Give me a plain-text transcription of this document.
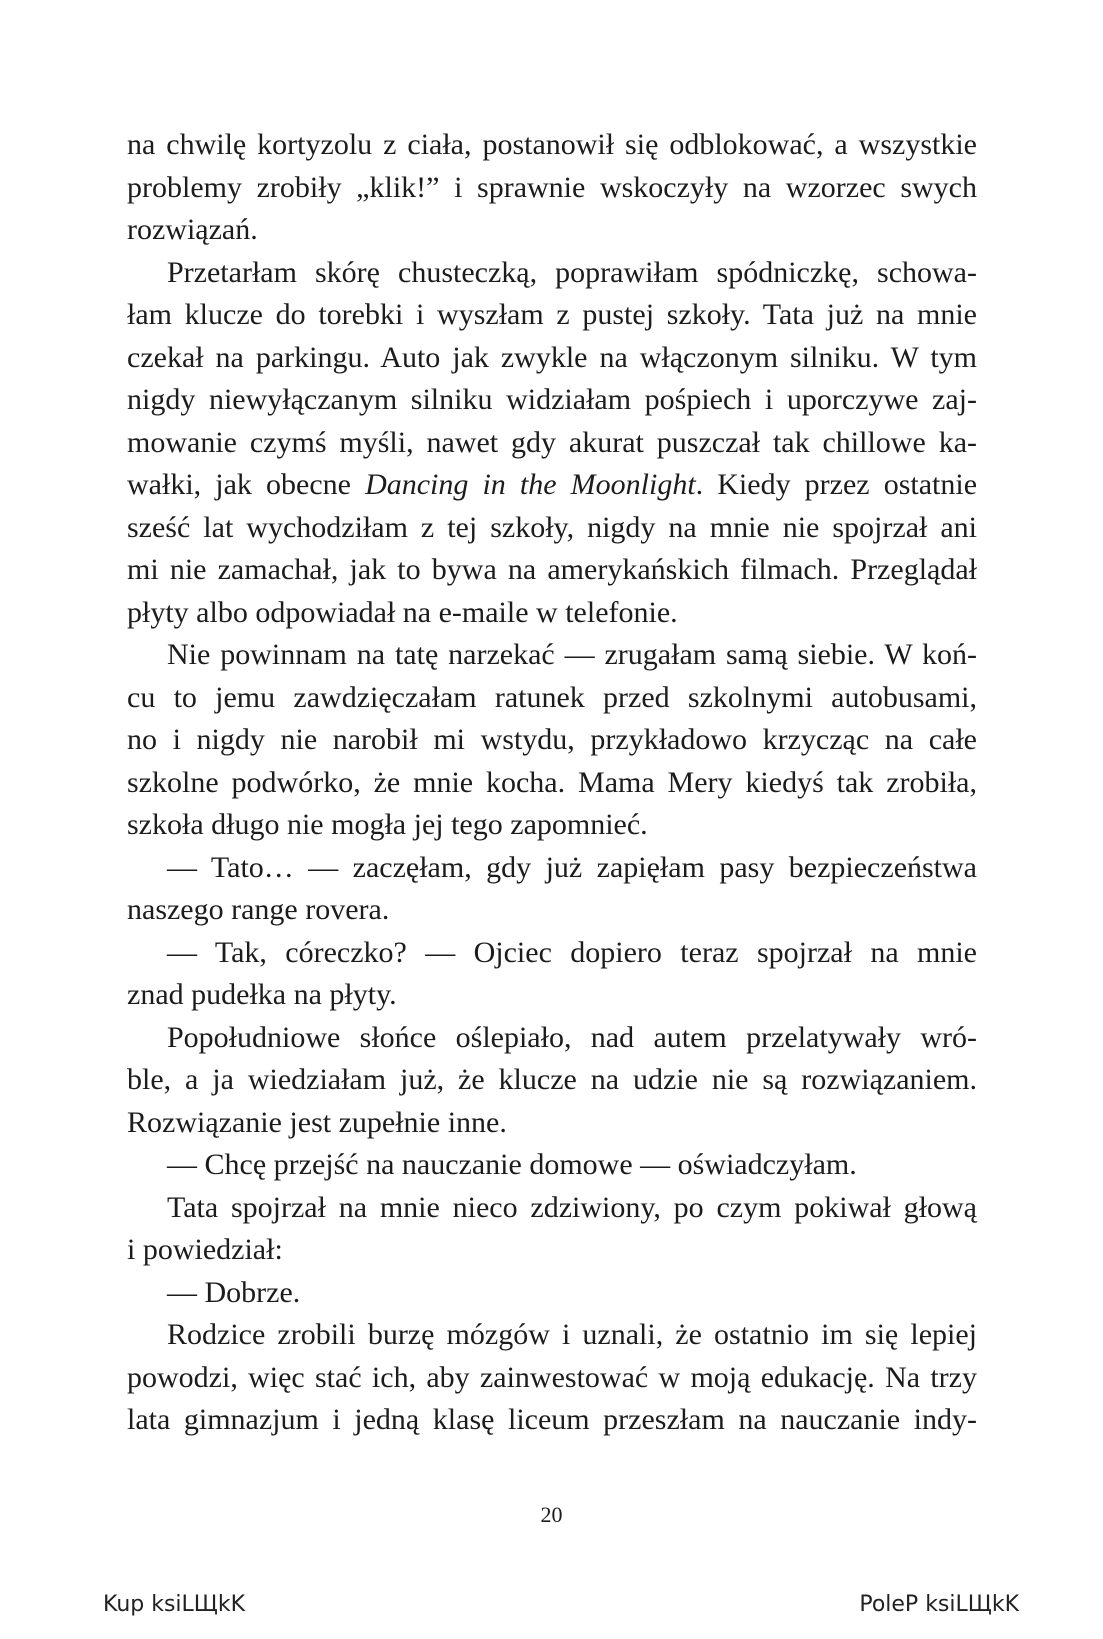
na chwilę kortyzolu z ciała, postanowił się odblokować, a wszystkie
problemy zrobiły „klik!” i sprawnie wskoczyły na wzorzec swych
rozwiązań.
Przetarłam skórę chusteczką, poprawiłam spódniczkę, schowa-
łam klucze do torebki i wyszłam z pustej szkoły. Tata już na mnie
czekał na parkingu. Auto jak zwykle na włączonym silniku. W tym
nigdy niewyłączanym silniku widziałam pośpiech i uporczywe zaj-
mowanie czymś myśli, nawet gdy akurat puszczał tak chillowe ka-
wałki, jak obecne Dancing in the Moonlight. Kiedy przez ostatnie
sześć lat wychodziłam z tej szkoły, nigdy na mnie nie spojrzał ani
mi nie zamachał, jak to bywa na amerykańskich filmach. Przeglądał
płyty albo odpowiadał na e-maile w telefonie.
Nie powinnam na tatę narzekać — zrugałam samą siebie. W koń-
cu to jemu zawdzięczałam ratunek przed szkolnymi autobusami,
no i nigdy nie narobił mi wstydu, przykładowo krzycząc na całe
szkolne podwórko, że mnie kocha. Mama Mery kiedyś tak zrobiła,
szkoła długo nie mogła jej tego zapomnieć.
— Tato… — zaczęłam, gdy już zapięłam pasy bezpieczeństwa
naszego range rovera.
— Tak, córeczko? — Ojciec dopiero teraz spojrzał na mnie
znad pudełka na płyty.
Popołudniowe słońce oślepiało, nad autem przelatywały wró-
ble, a ja wiedziałam już, że klucze na udzie nie są rozwiązaniem.
Rozwiązanie jest zupełnie inne.
— Chcę przejść na nauczanie domowe — oświadczyłam.
Tata spojrzał na mnie nieco zdziwiony, po czym pokiwał głową
i powiedział:
— Dobrze.
Rodzice zrobili burzę mózgów i uznali, że ostatnio im się lepiej
powodzi, więc stać ich, aby zainwestować w moją edukację. Na trzy
lata gimnazjum i jedną klasę liceum przeszłam na nauczanie indy-
20
Kup ksiLЩkK	PoleP ksiLЩkK
